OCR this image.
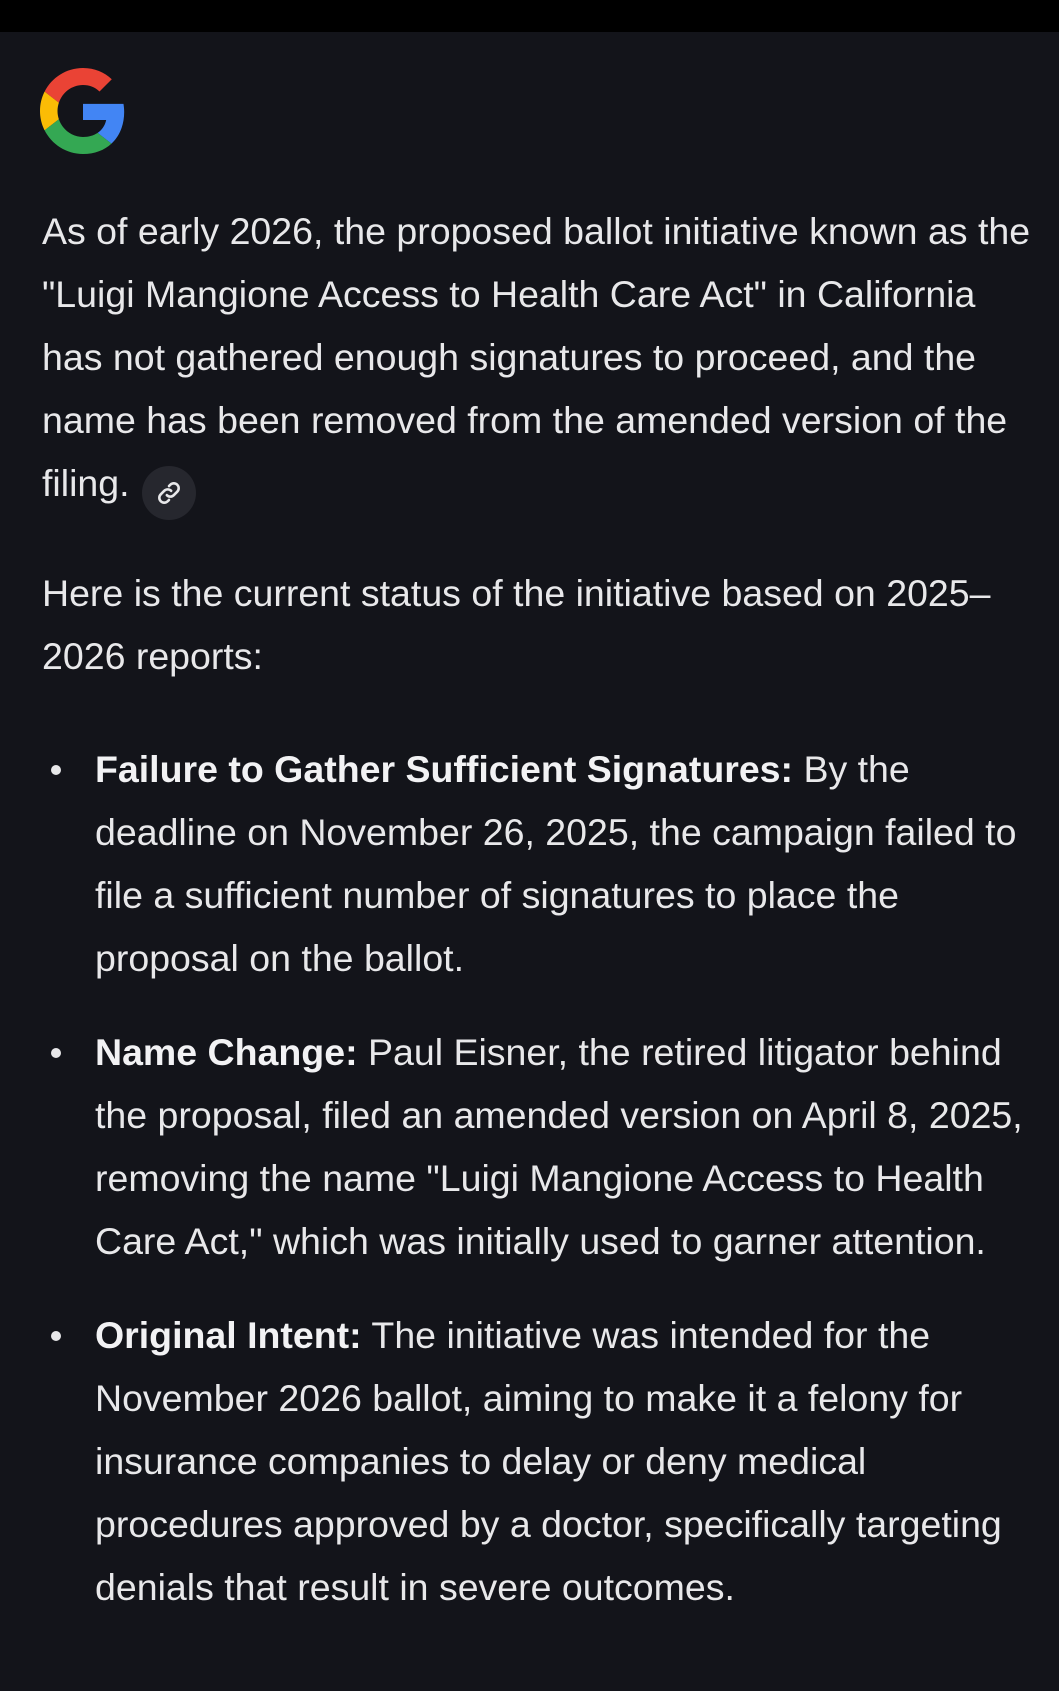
As of early 2026, the proposed ballot initiative known as the "Luigi Mangione Access to Health Care Act" in California has not gathered enough signatures to proceed, and the name has been removed from the amended version of the filing.

Here is the current status of the initiative based on 2025–2026 reports:

Failure to Gather Sufficient Signatures: By the deadline on November 26, 2025, the campaign failed to file a sufficient number of signatures to place the proposal on the ballot.
Name Change: Paul Eisner, the retired litigator behind the proposal, filed an amended version on April 8, 2025, removing the name "Luigi Mangione Access to Health Care Act," which was initially used to garner attention.
Original Intent: The initiative was intended for the November 2026 ballot, aiming to make it a felony for insurance companies to delay or deny medical procedures approved by a doctor, specifically targeting denials that result in severe outcomes.
